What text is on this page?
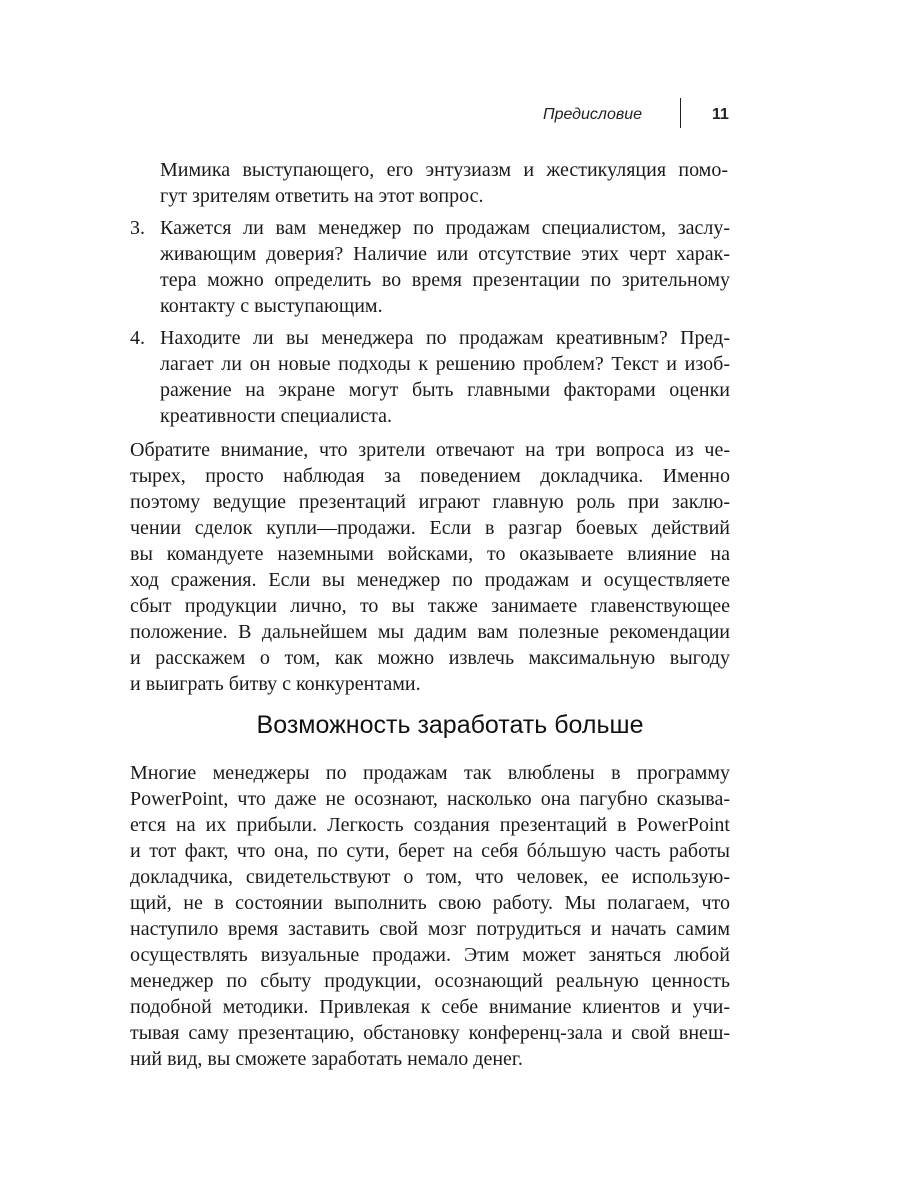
Предисловие	11
Мимика выступающего, его энтузиазм и жестикуляция помо-
гут зрителям ответить на этот вопрос.
3. Кажется ли вам менеджер по продажам специалистом, заслу-
живающим доверия? Наличие или отсутствие этих черт харак-
тера можно определить во время презентации по зрительному
контакту с выступающим.
4. Находите ли вы менеджера по продажам креативным? Пред-
лагает ли он новые подходы к решению проблем? Текст и изоб-
ражение на экране могут быть главными факторами оценки
креативности специалиста.
Обратите внимание, что зрители отвечают на три вопроса из че-
тырех, просто наблюдая за поведением докладчика. Именно
поэтому ведущие презентаций играют главную роль при заклю-
чении сделок купли—продажи. Если в разгар боевых действий
вы командуете наземными войсками, то оказываете влияние на
ход сражения. Если вы менеджер по продажам и осуществляете
сбыт продукции лично, то вы также занимаете главенствующее
положение. В дальнейшем мы дадим вам полезные рекомендации
и расскажем о том, как можно извлечь максимальную выгоду
и выиграть битву с конкурентами.
Возможность заработать больше
Многие менеджеры по продажам так влюблены в программу
PowerPoint, что даже не осознают, насколько она пагубно сказыва-
ется на их прибыли. Легкость создания презентаций в PowerPoint
и тот факт, что она, по сути, берет на себя бóльшую часть работы
докладчика, свидетельствуют о том, что человек, ее использую-
щий, не в состоянии выполнить свою работу. Мы полагаем, что
наступило время заставить свой мозг потрудиться и начать самим
осуществлять визуальные продажи. Этим может заняться любой
менеджер по сбыту продукции, осознающий реальную ценность
подобной методики. Привлекая к себе внимание клиентов и учи-
тывая саму презентацию, обстановку конференц-зала и свой внеш-
ний вид, вы сможете заработать немало денег.
